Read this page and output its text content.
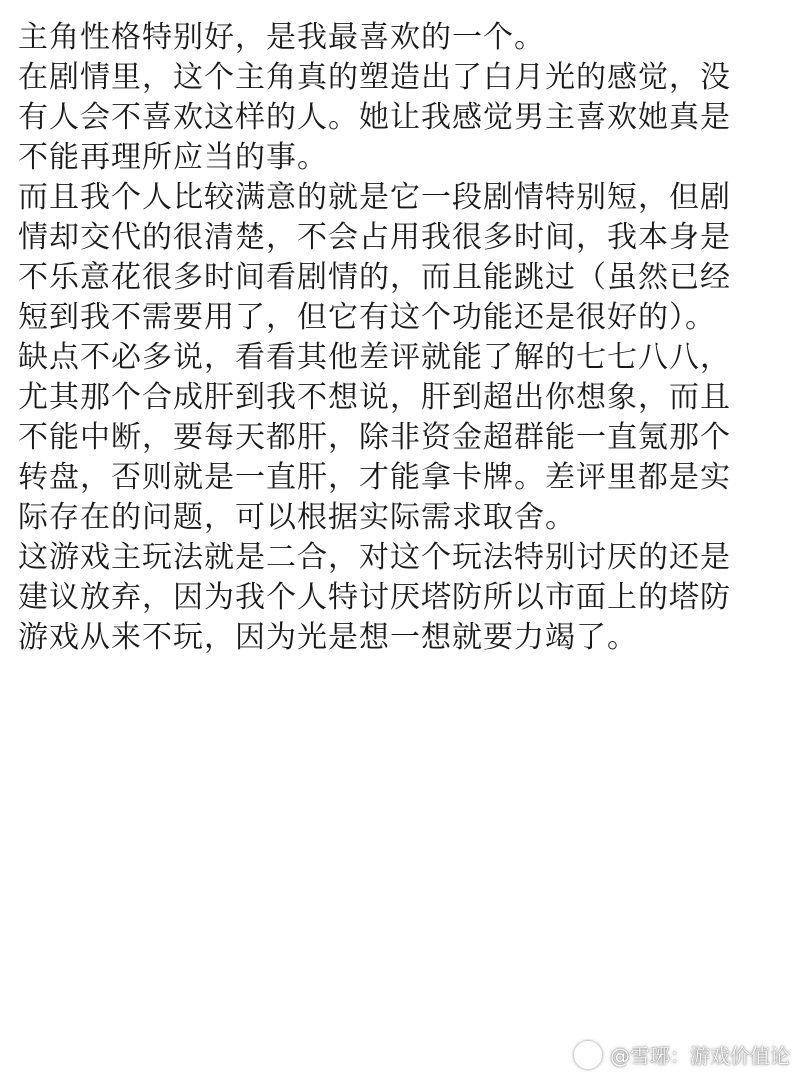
主角性格特别好，是我最喜欢的一个。
在剧情里，这个主角真的塑造出了白月光的感觉，没
有人会不喜欢这样的人。她让我感觉男主喜欢她真是
不能再理所应当的事。
而且我个人比较满意的就是它一段剧情特别短，但剧
情却交代的很清楚，不会占用我很多时间，我本身是
不乐意花很多时间看剧情的，而且能跳过（虽然已经
短到我不需要用了，但它有这个功能还是很好的）。
缺点不必多说，看看其他差评就能了解的七七八八，
尤其那个合成肝到我不想说，肝到超出你想象，而且
不能中断，要每天都肝，除非资金超群能一直氪那个
转盘，否则就是一直肝，才能拿卡牌。差评里都是实
际存在的问题，可以根据实际需求取舍。
这游戏主玩法就是二合，对这个玩法特别讨厌的还是
建议放弃，因为我个人特讨厌塔防所以市面上的塔防
游戏从来不玩，因为光是想一想就要力竭了。
@雪琊：游戏价值论
